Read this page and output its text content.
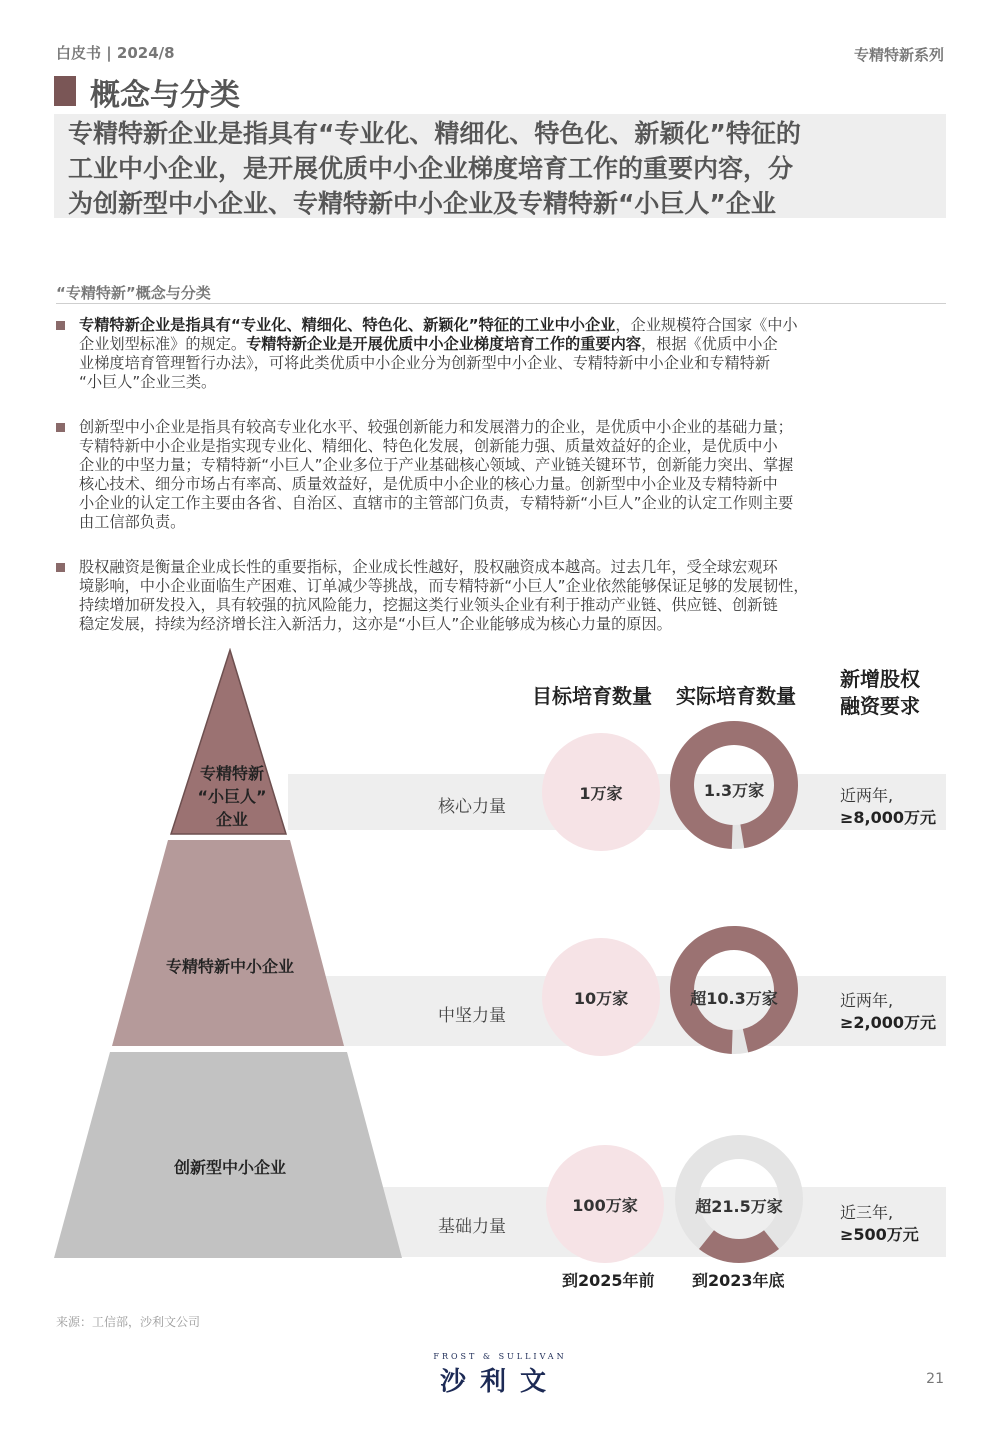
白皮书 | 2024/8	专精特新系列
概念与分类
专精特新企业是指具有“专业化、精细化、特色化、新颖化”特征的
工业中小企业，是开展优质中小企业梯度培育工作的重要内容，分
为创新型中小企业、专精特新中小企业及专精特新“小巨人”企业
“专精特新”概念与分类
专精特新企业是指具有“专业化、精细化、特色化、新颖化”特征的工业中小企业，企业规模符合国家《中小
企业划型标准》的规定。专精特新企业是开展优质中小企业梯度培育工作的重要内容，根据《优质中小企
业梯度培育管理暂行办法》，可将此类优质中小企业分为创新型中小企业、专精特新中小企业和专精特新
“小巨人”企业三类。
创新型中小企业是指具有较高专业化水平、较强创新能力和发展潜力的企业，是优质中小企业的基础力量；
专精特新中小企业是指实现专业化、精细化、特色化发展，创新能力强、质量效益好的企业，是优质中小
企业的中坚力量；专精特新“小巨人”企业多位于产业基础核心领域、产业链关键环节，创新能力突出、掌握
核心技术、细分市场占有率高、质量效益好，是优质中小企业的核心力量。创新型中小企业及专精特新中
小企业的认定工作主要由各省、自治区、直辖市的主管部门负责，专精特新“小巨人”企业的认定工作则主要
由工信部负责。
股权融资是衡量企业成长性的重要指标，企业成长性越好，股权融资成本越高。过去几年，受全球宏观环
境影响，中小企业面临生产困难、订单减少等挑战，而专精特新“小巨人”企业依然能够保证足够的发展韧性，
持续增加研发投入，具有较强的抗风险能力，挖掘这类行业领头企业有利于推动产业链、供应链、创新链
稳定发展，持续为经济增长注入新活力，这亦是“小巨人”企业能够成为核心力量的原因。
专精特新
“小巨人”
企业
专精特新中小企业
创新型中小企业
目标培育数量 实际培育数量
新增股权
融资要求
核心力量
中坚力量
基础力量
1万家
10万家
100万家
1.3万家
超10.3万家
超21.5万家
近两年,
≥8,000万元
近两年,
≥2,000万元
近三年,
≥500万元
到2025年前 到2023年底
来源：工信部，沙利文公司
FROST & SULLIVAN
沙利文	21
